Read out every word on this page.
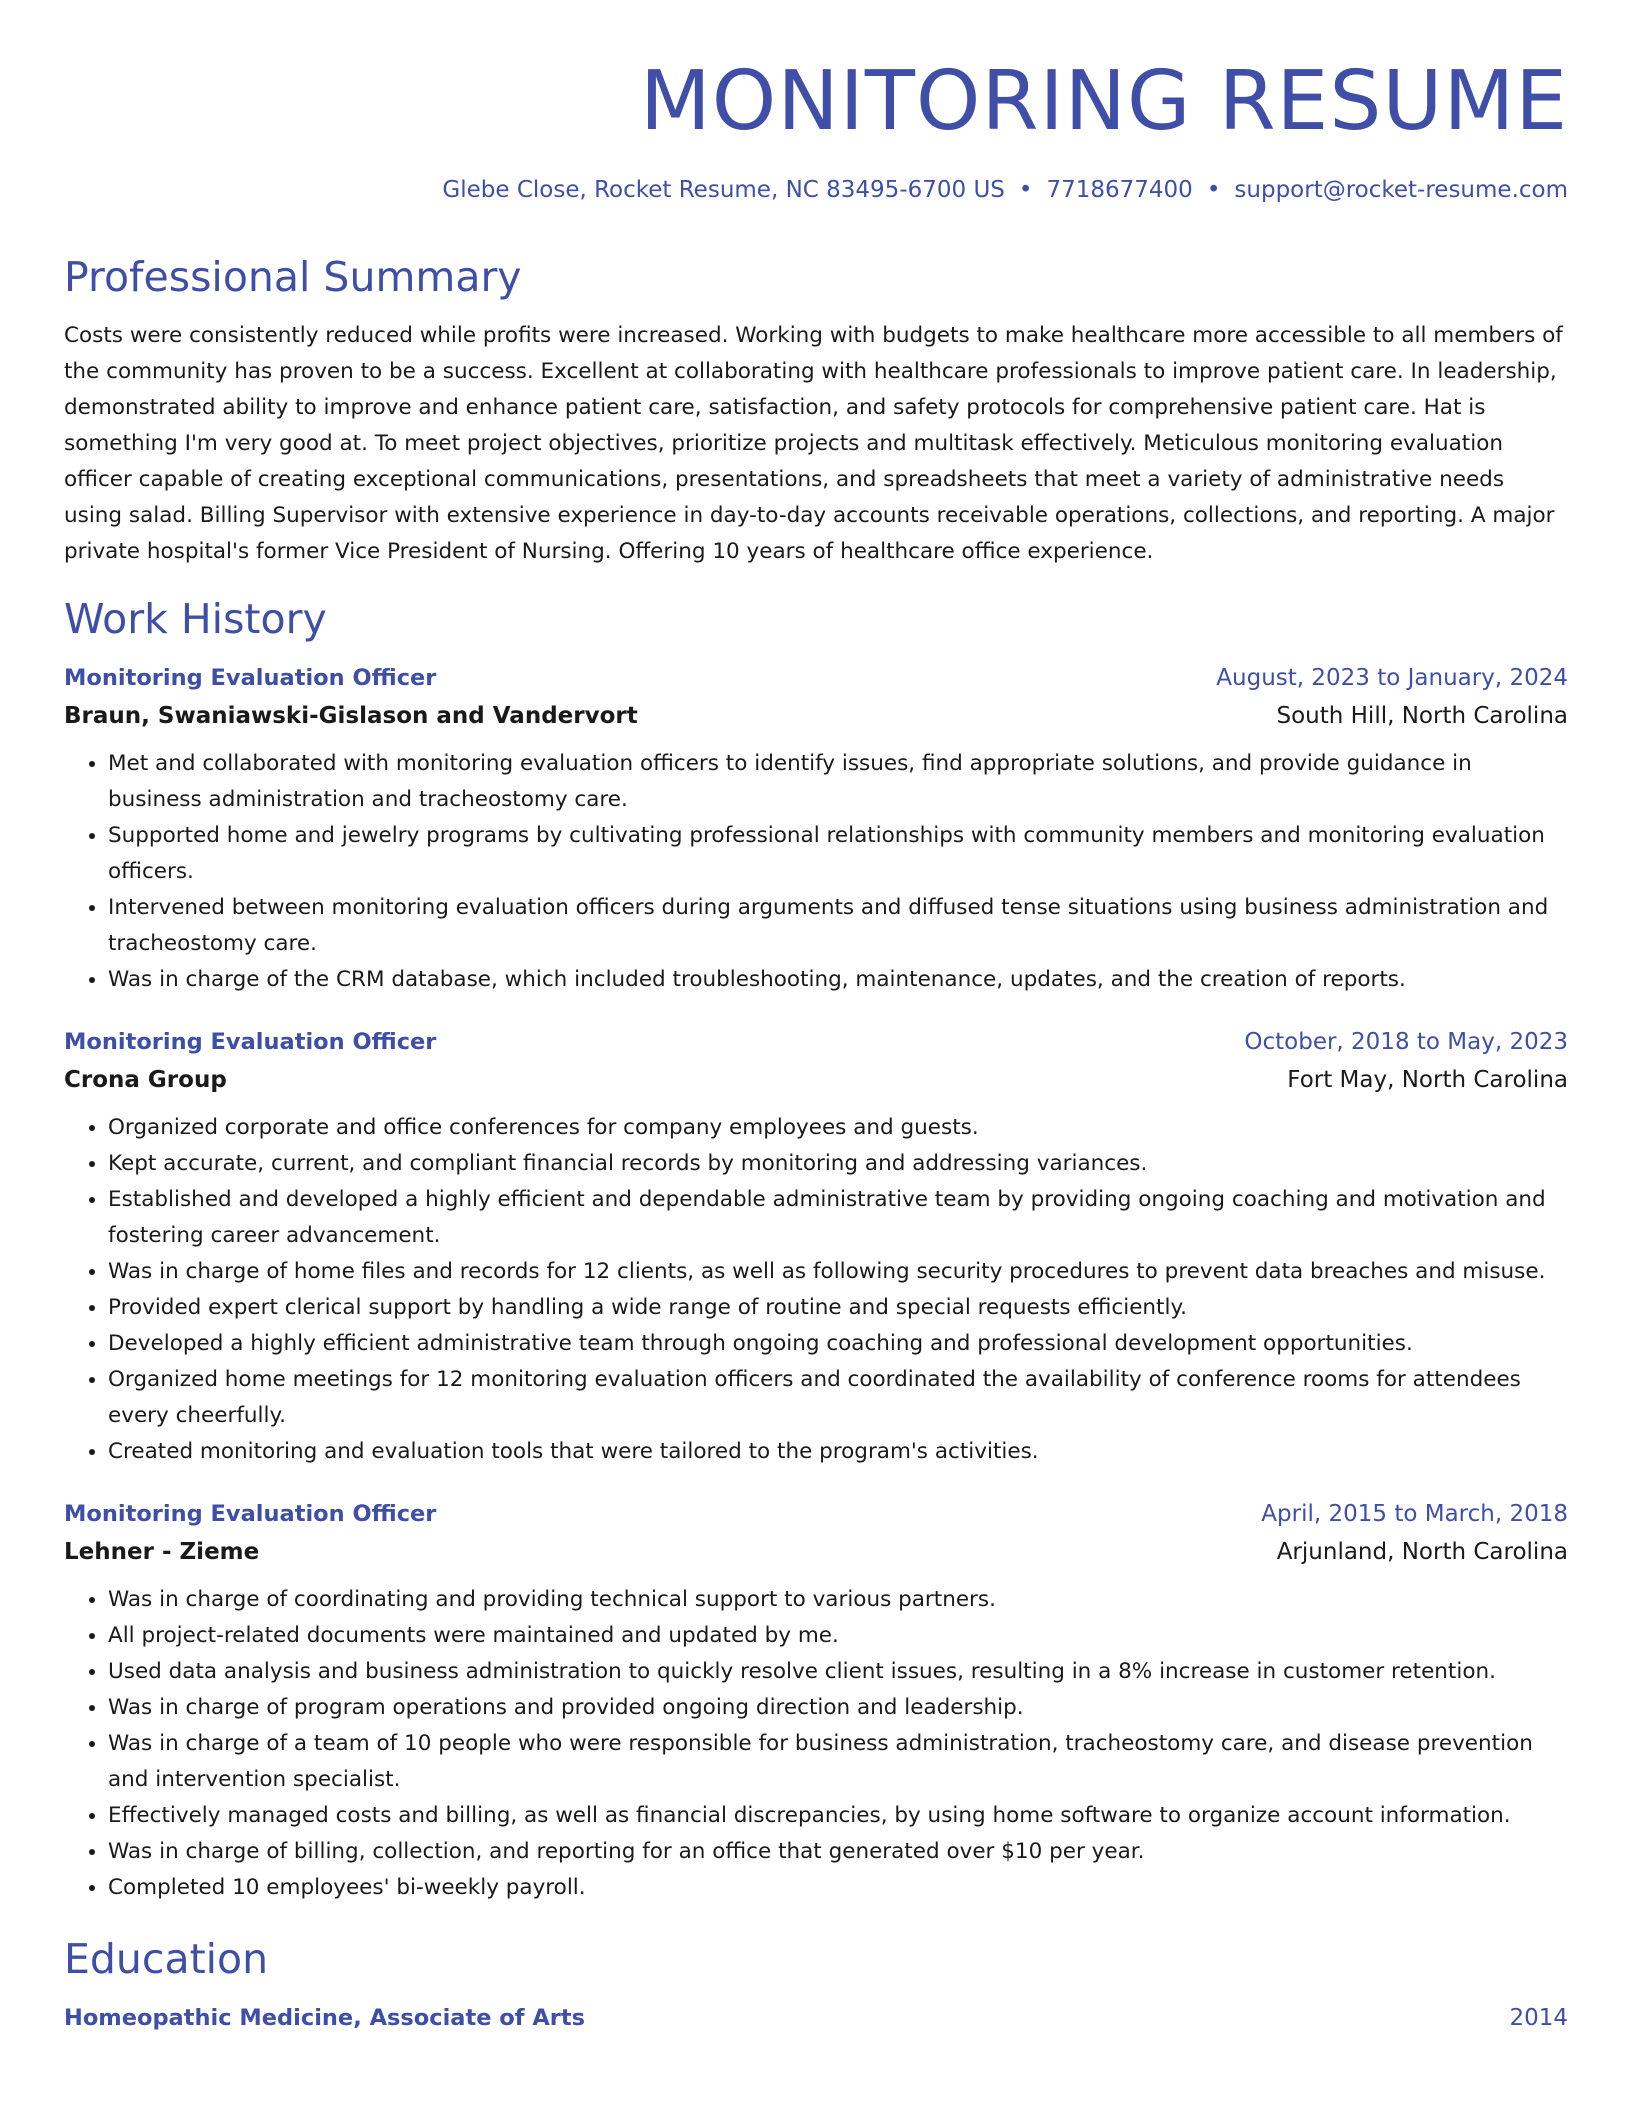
MONITORING RESUME
Glebe Close, Rocket Resume, NC 83495-6700 US • 7718677400 • support@rocket-resume.com
Professional Summary
Costs were consistently reduced while profits were increased. Working with budgets to make healthcare more accessible to all members of the community has proven to be a success. Excellent at collaborating with healthcare professionals to improve patient care. In leadership, demonstrated ability to improve and enhance patient care, satisfaction, and safety protocols for comprehensive patient care. Hat is something I'm very good at. To meet project objectives, prioritize projects and multitask effectively. Meticulous monitoring evaluation officer capable of creating exceptional communications, presentations, and spreadsheets that meet a variety of administrative needs using salad. Billing Supervisor with extensive experience in day-to-day accounts receivable operations, collections, and reporting. A major private hospital's former Vice President of Nursing. Offering 10 years of healthcare office experience.
Work History
Monitoring Evaluation Officer	August, 2023 to January, 2024
Braun, Swaniawski-Gislason and Vandervort	South Hill, North Carolina
• Met and collaborated with monitoring evaluation officers to identify issues, find appropriate solutions, and provide guidance in business administration and tracheostomy care.
• Supported home and jewelry programs by cultivating professional relationships with community members and monitoring evaluation officers.
• Intervened between monitoring evaluation officers during arguments and diffused tense situations using business administration and tracheostomy care.
• Was in charge of the CRM database, which included troubleshooting, maintenance, updates, and the creation of reports.
Monitoring Evaluation Officer	October, 2018 to May, 2023
Crona Group	Fort May, North Carolina
• Organized corporate and office conferences for company employees and guests.
• Kept accurate, current, and compliant financial records by monitoring and addressing variances.
• Established and developed a highly efficient and dependable administrative team by providing ongoing coaching and motivation and fostering career advancement.
• Was in charge of home files and records for 12 clients, as well as following security procedures to prevent data breaches and misuse.
• Provided expert clerical support by handling a wide range of routine and special requests efficiently.
• Developed a highly efficient administrative team through ongoing coaching and professional development opportunities.
• Organized home meetings for 12 monitoring evaluation officers and coordinated the availability of conference rooms for attendees every cheerfully.
• Created monitoring and evaluation tools that were tailored to the program's activities.
Monitoring Evaluation Officer	April, 2015 to March, 2018
Lehner - Zieme	Arjunland, North Carolina
• Was in charge of coordinating and providing technical support to various partners.
• All project-related documents were maintained and updated by me.
• Used data analysis and business administration to quickly resolve client issues, resulting in a 8% increase in customer retention.
• Was in charge of program operations and provided ongoing direction and leadership.
• Was in charge of a team of 10 people who were responsible for business administration, tracheostomy care, and disease prevention and intervention specialist.
• Effectively managed costs and billing, as well as financial discrepancies, by using home software to organize account information.
• Was in charge of billing, collection, and reporting for an office that generated over $10 per year.
• Completed 10 employees' bi-weekly payroll.
Education
Homeopathic Medicine, Associate of Arts	2014
